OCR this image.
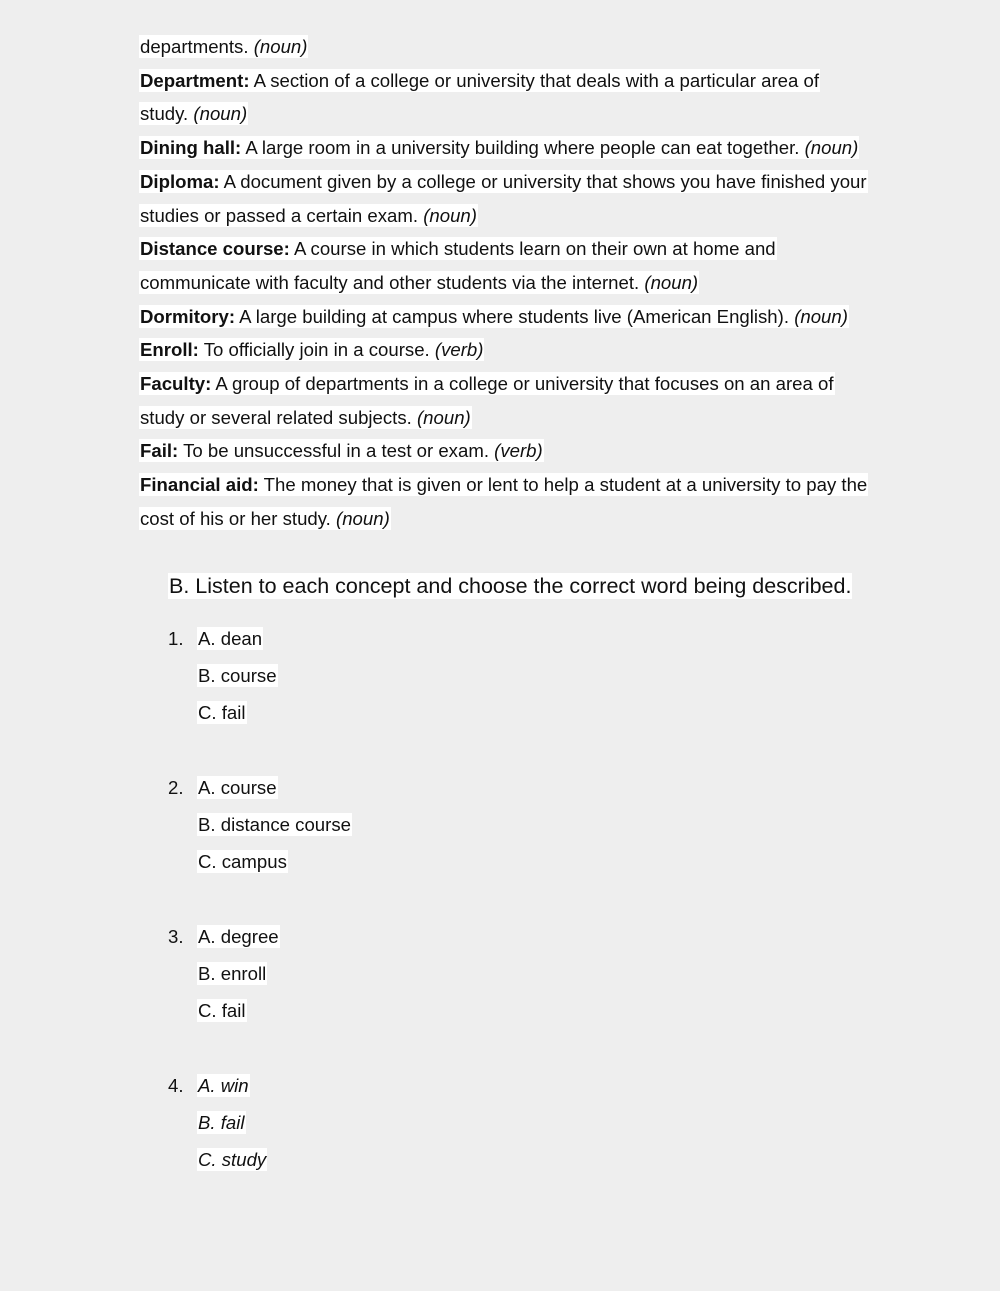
departments. (noun)
Department: A section of a college or university that deals with a particular area of
study. (noun)
Dining hall: A large room in a university building where people can eat together. (noun)
Diploma: A document given by a college or university that shows you have finished your
studies or passed a certain exam. (noun)
Distance course: A course in which students learn on their own at home and
communicate with faculty and other students via the internet. (noun)
Dormitory: A large building at campus where students live (American English). (noun)
Enroll: To officially join in a course. (verb)
Faculty: A group of departments in a college or university that focuses on an area of
study or several related subjects. (noun)
Fail: To be unsuccessful in a test or exam. (verb)
Financial aid: The money that is given or lent to help a student at a university to pay the
cost of his or her study. (noun)
B. Listen to each concept and choose the correct word being described.
1. A. dean
B. course
C. fail
2. A. course
B. distance course
C. campus
3. A. degree
B. enroll
C. fail
4. A. win
B. fail
C. study
